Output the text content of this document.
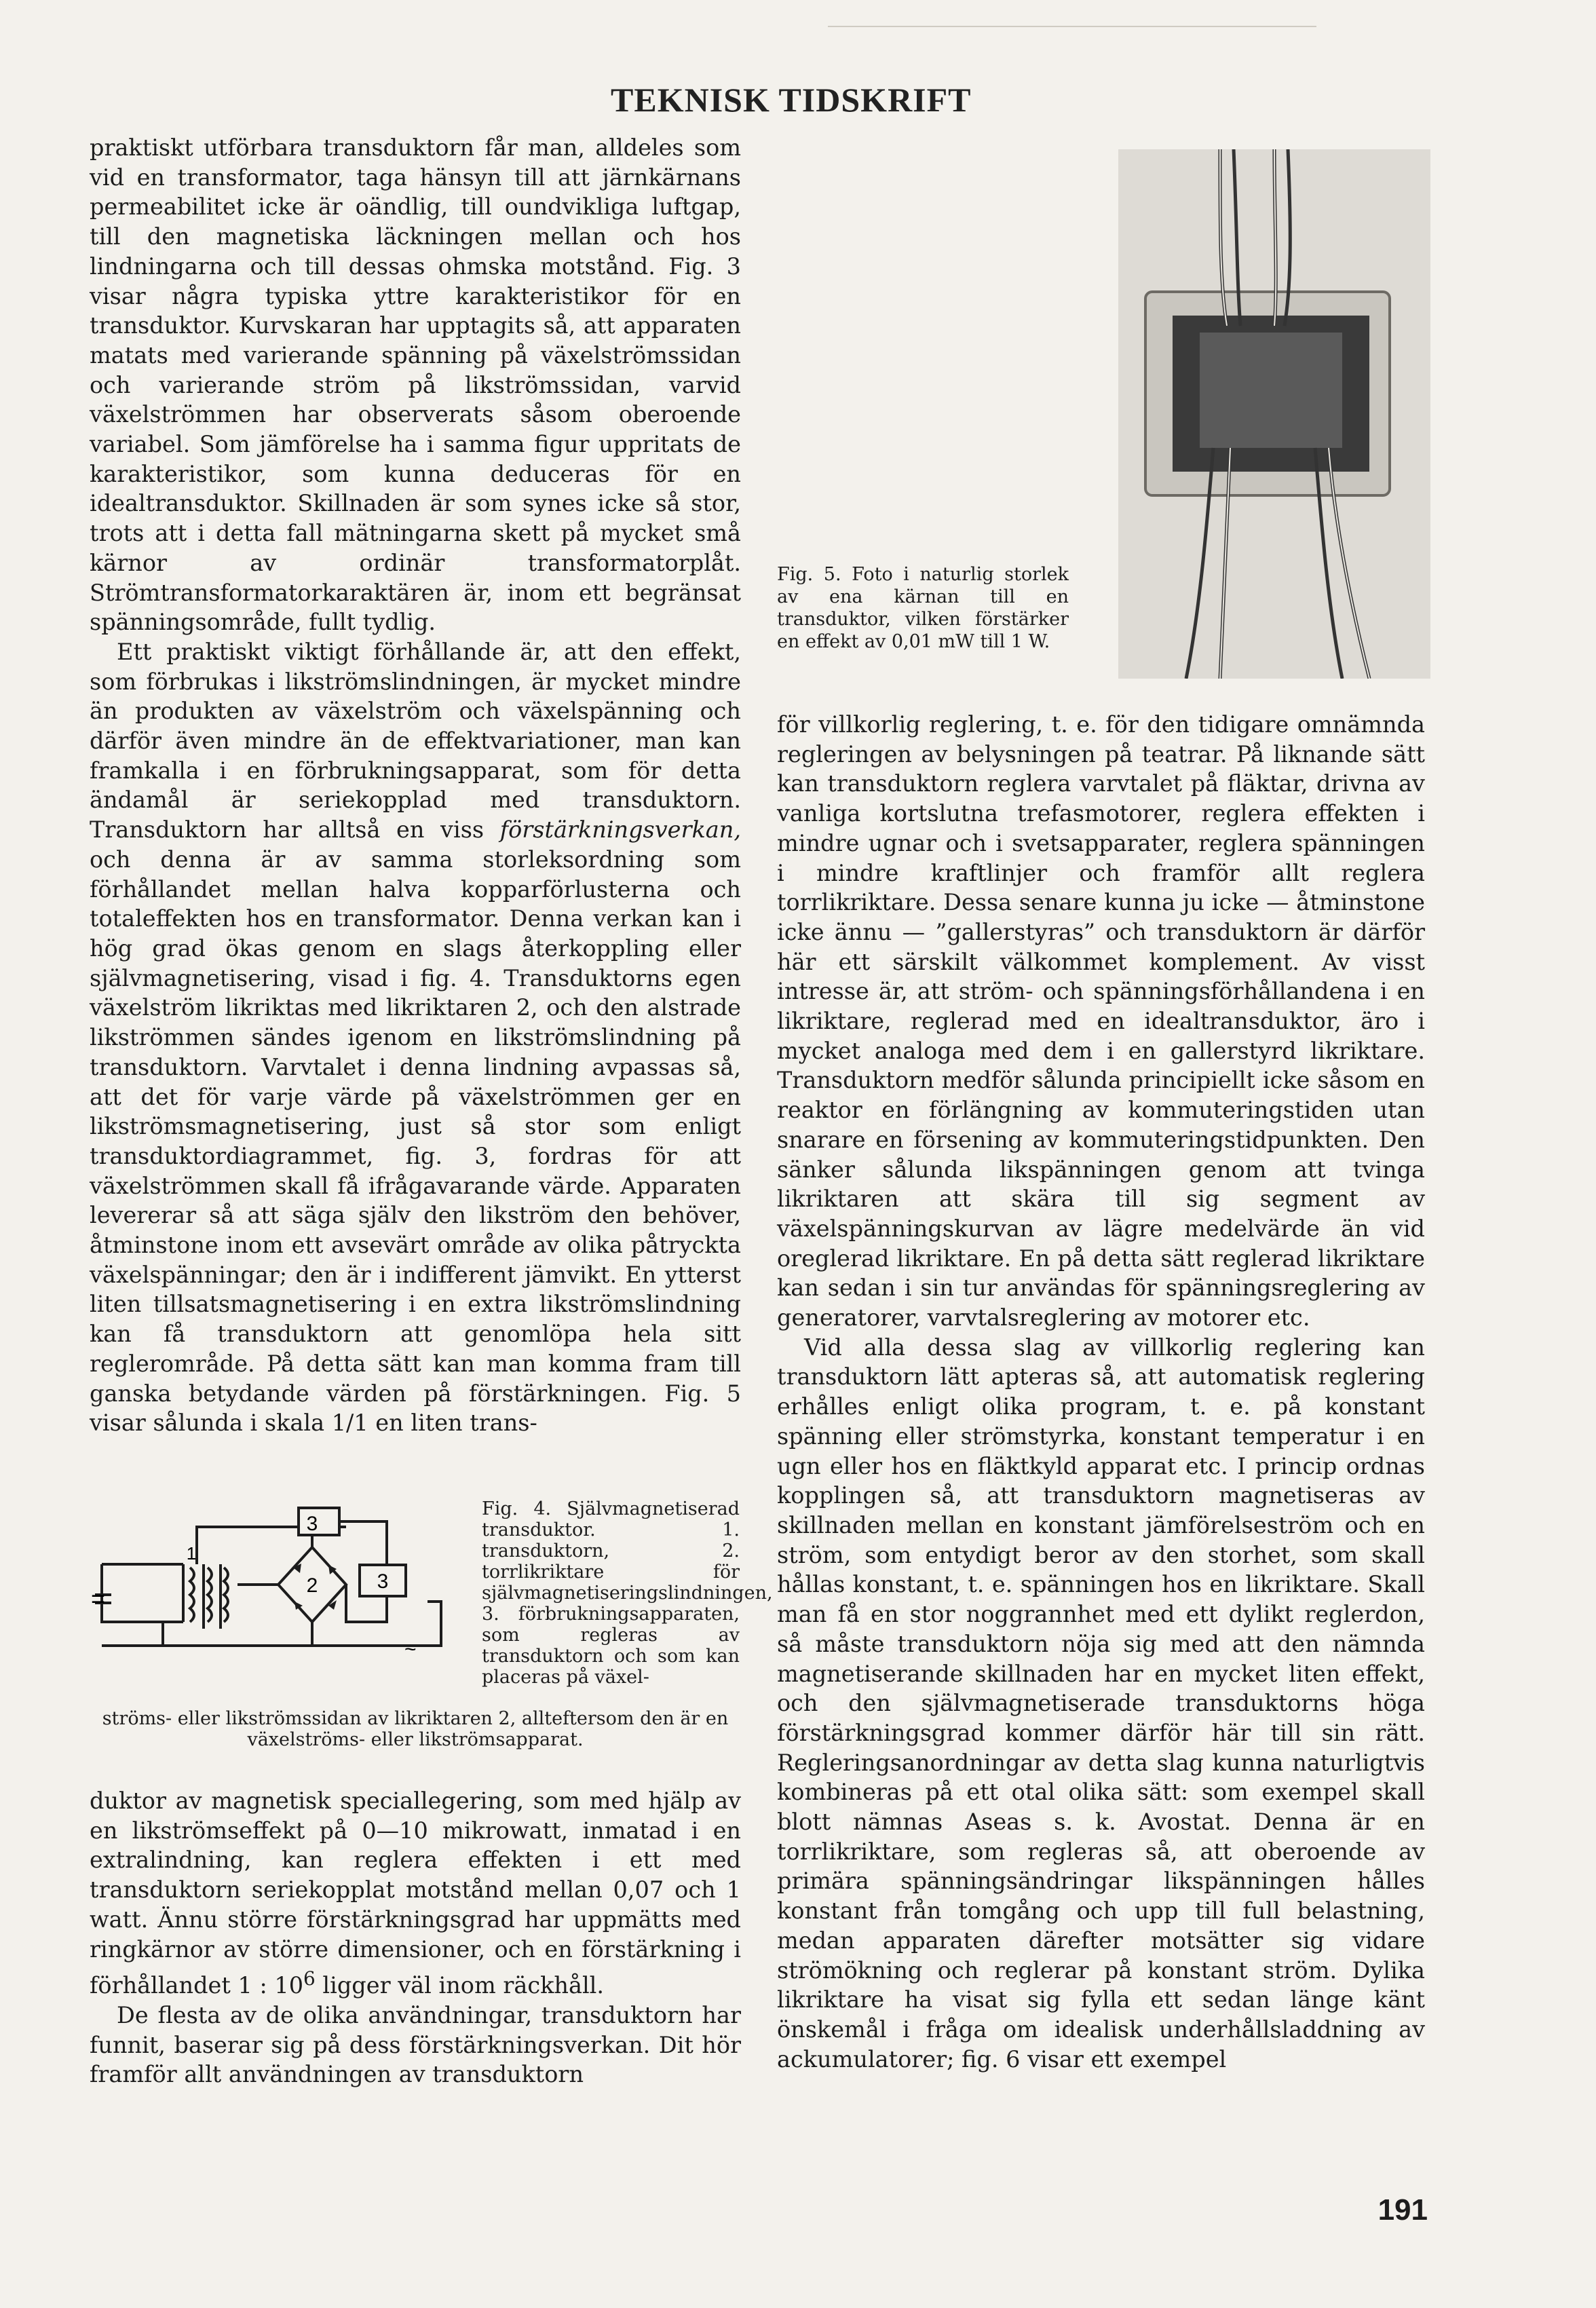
TEKNISK TIDSKRIFT

praktiskt utförbara transduktorn får man, alldeles som vid en transformator, taga hänsyn till att järnkärnans permeabilitet icke är oändlig, till oundvikliga luftgap, till den magnetiska läckningen mellan och hos lindningarna och till dessas ohmska motstånd. Fig. 3 visar några typiska yttre karakteristikor för en transduktor. Kurvskaran har upptagits så, att apparaten matats med varierande spänning på växelströmssidan och varierande ström på likströmssidan, varvid växelströmmen har observerats såsom oberoende variabel. Som jämförelse ha i samma figur uppritats de karakteristikor, som kunna deduceras för en idealtransduktor. Skillnaden är som synes icke så stor, trots att i detta fall mätningarna skett på mycket små kärnor av ordinär transformatorplåt. Strömtransformatorkaraktären är, inom ett begränsat spänningsområde, fullt tydlig.

Ett praktiskt viktigt förhållande är, att den effekt, som förbrukas i likströmslindningen, är mycket mindre än produkten av växelström och växelspänning och därför även mindre än de effektvariationer, man kan framkalla i en förbrukningsapparat, som för detta ändamål är seriekopplad med transduktorn. Transduktorn har alltså en viss förstärkningsverkan, och denna är av samma storleksordning som förhållandet mellan halva kopparförlusterna och totaleffekten hos en transformator. Denna verkan kan i hög grad ökas genom en slags återkoppling eller självmagnetisering, visad i fig. 4. Transduktorns egen växelström likriktas med likriktaren 2, och den alstrade likströmmen sändes igenom en likströmslindning på transduktorn. Varvtalet i denna lindning avpassas så, att det för varje värde på växelströmmen ger en likströmsmagnetisering, just så stor som enligt transduktordiagrammet, fig. 3, fordras för att växelströmmen skall få ifrågavarande värde. Apparaten levererar så att säga själv den likström den behöver, åtminstone inom ett avsevärt område av olika påtryckta växelspänningar; den är i indifferent jämvikt. En ytterst liten tillsatsmagnetisering i en extra likströmslindning kan få transduktorn att genomlöpa hela sitt reglerområde. På detta sätt kan man komma fram till ganska betydande värden på förstärkningen. Fig. 5 visar sålunda i skala 1/1 en liten trans-

3
3
2
1
=
~
Fig. 4. Självmagnetiserad transduktor. 1. transduktorn, 2. torrlikriktare för självmagnetiseringslindningen, 3. förbrukningsapparaten, som regleras av transduktorn och som kan placeras på växel-
ströms- eller likströmssidan av likriktaren 2, allteftersom den är en växelströms- eller likströmsapparat.

duktor av magnetisk speciallegering, som med hjälp av en likströmseffekt på 0—10 mikrowatt, inmatad i en extralindning, kan reglera effekten i ett med transduktorn seriekopplat motstånd mellan 0,07 och 1 watt. Ännu större förstärkningsgrad har uppmätts med ringkärnor av större dimensioner, och en förstärkning i förhållandet 1 : $10^6$ ligger väl inom räckhåll.

De flesta av de olika användningar, transduktorn har funnit, baserar sig på dess förstärkningsverkan. Dit hör framför allt användningen av transduktorn

Fig. 5. Foto i naturlig storlek av ena kärnan till en transduktor, vilken förstärker en effekt av 0,01 mW till 1 W.

för villkorlig reglering, t. e. för den tidigare omnämnda regleringen av belysningen på teatrar. På liknande sätt kan transduktorn reglera varvtalet på fläktar, drivna av vanliga kortslutna trefasmotorer, reglera effekten i mindre ugnar och i svetsapparater, reglera spänningen i mindre kraftlinjer och framför allt reglera torrlikriktare. Dessa senare kunna ju icke — åtminstone icke ännu — ”gallerstyras” och transduktorn är därför här ett särskilt välkommet komplement. Av visst intresse är, att ström- och spänningsförhållandena i en likriktare, reglerad med en idealtransduktor, äro i mycket analoga med dem i en gallerstyrd likriktare. Transduktorn medför sålunda principiellt icke såsom en reaktor en förlängning av kommuteringstiden utan snarare en försening av kommuteringstidpunkten. Den sänker sålunda likspänningen genom att tvinga likriktaren att skära till sig segment av växelspänningskurvan av lägre medelvärde än vid oreglerad likriktare. En på detta sätt reglerad likriktare kan sedan i sin tur användas för spänningsreglering av generatorer, varvtalsreglering av motorer etc.

Vid alla dessa slag av villkorlig reglering kan transduktorn lätt apteras så, att automatisk reglering erhålles enligt olika program, t. e. på konstant spänning eller strömstyrka, konstant temperatur i en ugn eller hos en fläktkyld apparat etc. I princip ordnas kopplingen så, att transduktorn magnetiseras av skillnaden mellan en konstant jämförelseström och en ström, som entydigt beror av den storhet, som skall hållas konstant, t. e. spänningen hos en likriktare. Skall man få en stor noggrannhet med ett dylikt reglerdon, så måste transduktorn nöja sig med att den nämnda magnetiserande skillnaden har en mycket liten effekt, och den självmagnetiserade transduktorns höga förstärkningsgrad kommer därför här till sin rätt. Regleringsanordningar av detta slag kunna naturligtvis kombineras på ett otal olika sätt: som exempel skall blott nämnas Aseas s. k. Avostat. Denna är en torrlikriktare, som regleras så, att oberoende av primära spänningsändringar likspänningen hålles konstant från tomgång och upp till full belastning, medan apparaten därefter motsätter sig vidare strömökning och reglerar på konstant ström. Dylika likriktare ha visat sig fylla ett sedan länge känt önskemål i fråga om idealisk underhållsladdning av ackumulatorer; fig. 6 visar ett exempel

191
